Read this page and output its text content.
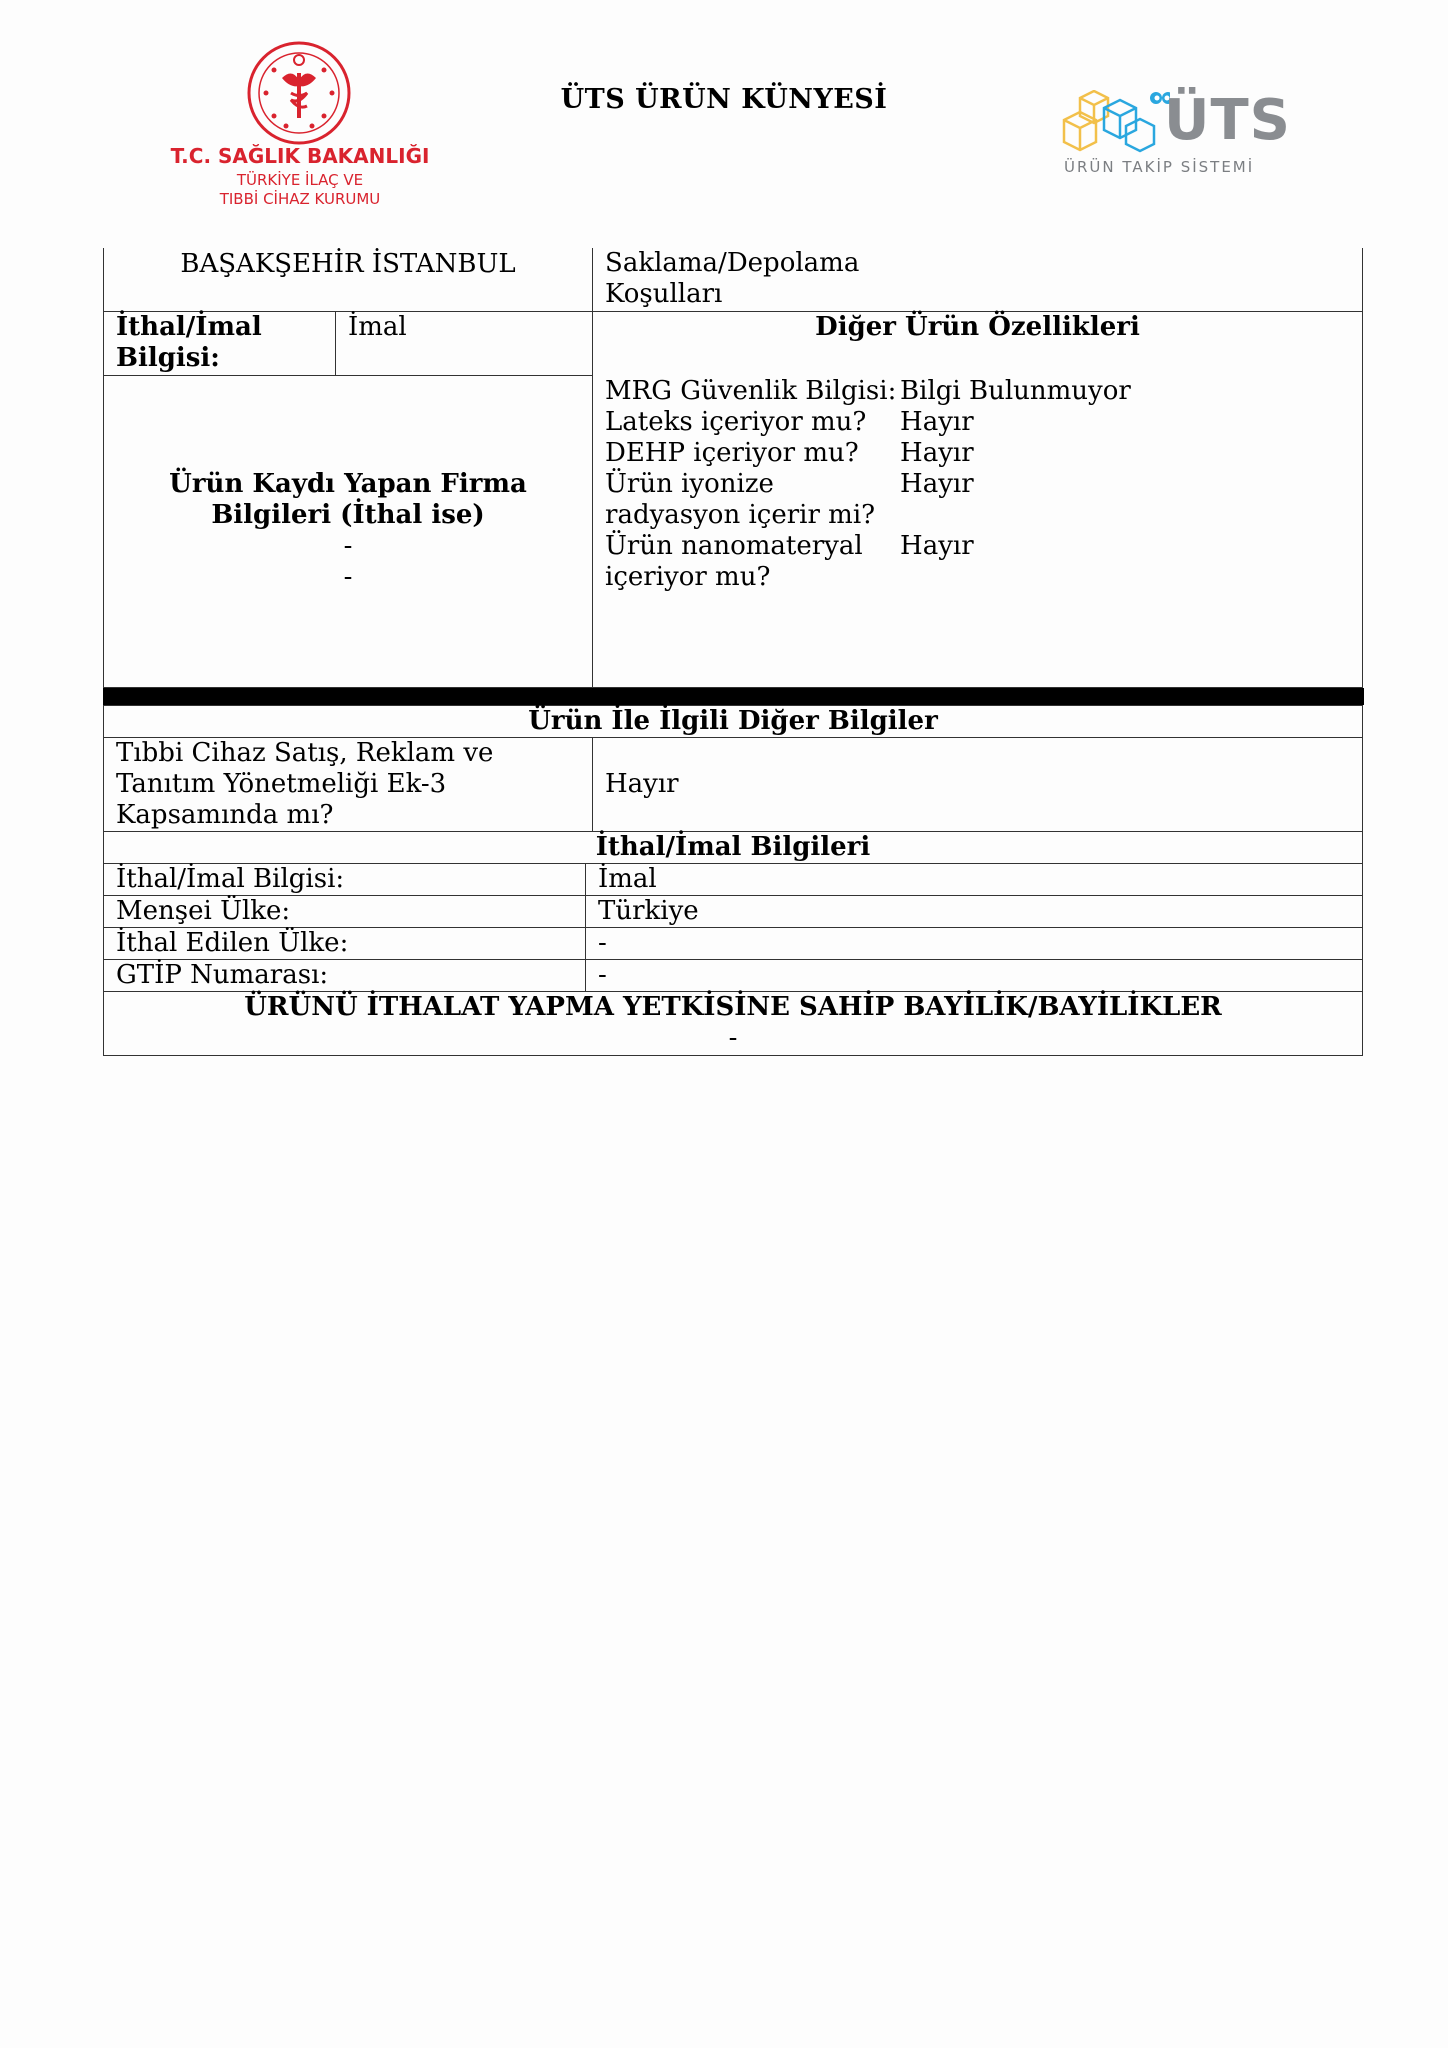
T.C. SAĞLIK BAKANLIĞI
TÜRKİYE İLAÇ VE
TIBBİ CİHAZ KURUMU
ÜTS ÜRÜN KÜNYESİ	ÜTS
ÜRÜN TAKİP SİSTEMİ
BAŞAKŞEHİR İSTANBUL	Saklama/Depolama
Koşulları

İthal/İmal Bilgisi:	İmal	Diğer Ürün Özellikleri
MRG Güvenlik Bilgisi:	Bilgi Bulunmuyor
Lateks içeriyor mu?	Hayır
DEHP içeriyor mu?	Hayır
Ürün iyonize radyasyon içerir mi?	Hayır
Ürün nanomateryal içeriyor mu?	Hayır

Ürün Kaydı Yapan Firma
Bilgileri (İthal ise)
-
-
Ürün İle İlgili Diğer Bilgiler		
Tıbbi Cihaz Satış, Reklam ve Tanıtım Yönetmeliği Ek-3 Kapsamında mı?		Hayır
İthal/İmal Bilgileri		
İthal/İmal Bilgisi:	İmal	
Menşei Ülke:	Türkiye	
İthal Edilen Ülke:	-	
GTİP Numarası:	-	

ÜRÜNÜ İTHALAT YAPMA YETKİSİNE SAHİP BAYİLİK/BAYİLİKLER
-		
